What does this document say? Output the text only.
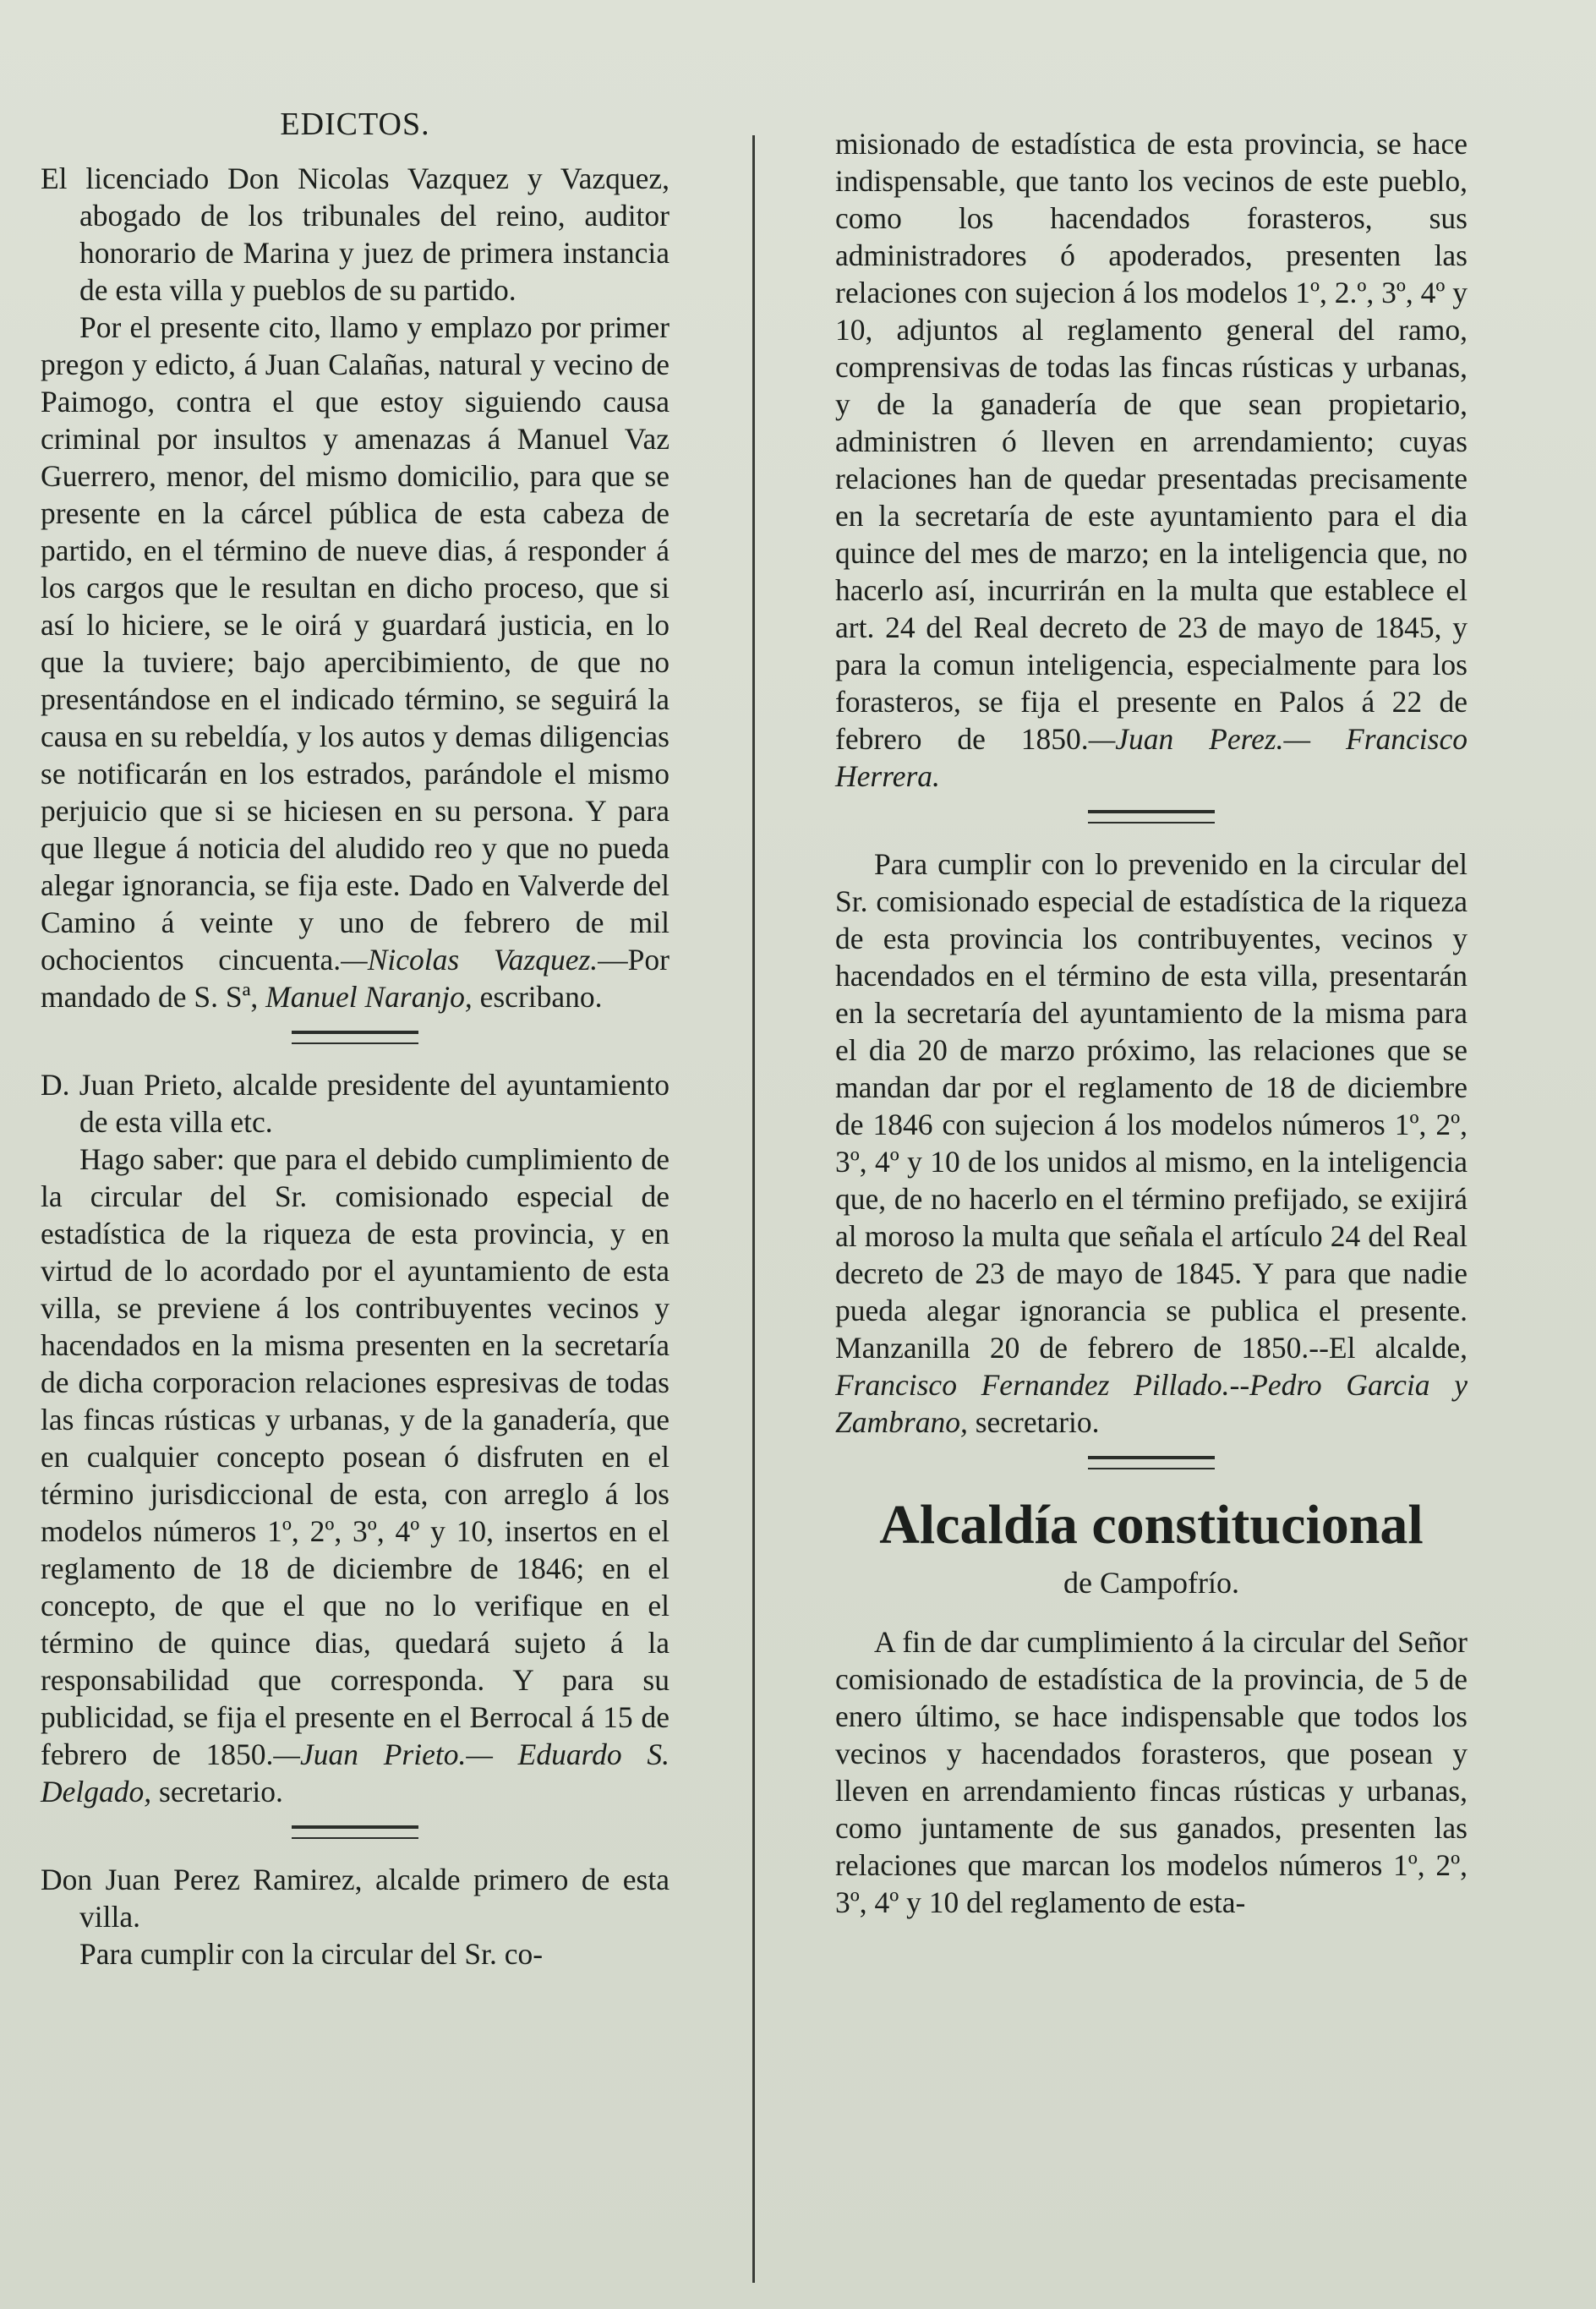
EDICTOS.

El licenciado Don Nicolas Vazquez y Vazquez, abogado de los tribunales del reino, auditor honorario de Marina y juez de primera instancia de esta villa y pueblos de su partido.

Por el presente cito, llamo y emplazo por primer pregon y edicto, á Juan Calañas, natural y vecino de Paimogo, contra el que estoy siguiendo causa criminal por insultos y amenazas á Manuel Vaz Guerrero, menor, del mismo domicilio, para que se presente en la cárcel pública de esta cabeza de partido, en el término de nueve dias, á responder á los cargos que le resultan en dicho proceso, que si así lo hiciere, se le oirá y guardará justicia, en lo que la tuviere; bajo apercibimiento, de que no presentándose en el indicado término, se seguirá la causa en su rebeldía, y los autos y demas diligencias se notificarán en los estrados, parándole el mismo perjuicio que si se hiciesen en su persona. Y para que llegue á noticia del aludido reo y que no pueda alegar ignorancia, se fija este. Dado en Valverde del Camino á veinte y uno de febrero de mil ochocientos cincuenta.—Nicolas Vazquez.—Por mandado de S. Sª, Manuel Naranjo, escribano.

D. Juan Prieto, alcalde presidente del ayuntamiento de esta villa etc.

Hago saber: que para el debido cumplimiento de la circular del Sr. comisionado especial de estadística de la riqueza de esta provincia, y en virtud de lo acordado por el ayuntamiento de esta villa, se previene á los contribuyentes vecinos y hacendados en la misma presenten en la secretaría de dicha corporacion relaciones espresivas de todas las fincas rústicas y urbanas, y de la ganadería, que en cualquier concepto posean ó disfruten en el término jurisdiccional de esta, con arreglo á los modelos números 1º, 2º, 3º, 4º y 10, insertos en el reglamento de 18 de diciembre de 1846; en el concepto, de que el que no lo verifique en el término de quince dias, quedará sujeto á la responsabilidad que corresponda. Y para su publicidad, se fija el presente en el Berrocal á 15 de febrero de 1850.—Juan Prieto.— Eduardo S. Delgado, secretario.

Don Juan Perez Ramirez, alcalde primero de esta villa.

Para cumplir con la circular del Sr. co-

misionado de estadística de esta provincia, se hace indispensable, que tanto los vecinos de este pueblo, como los hacendados forasteros, sus administradores ó apoderados, presenten las relaciones con sujecion á los modelos 1º, 2.º, 3º, 4º y 10, adjuntos al reglamento general del ramo, comprensivas de todas las fincas rústicas y urbanas, y de la ganadería de que sean propietario, administren ó lleven en arrendamiento; cuyas relaciones han de quedar presentadas precisamente en la secretaría de este ayuntamiento para el dia quince del mes de marzo; en la inteligencia que, no hacerlo así, incurrirán en la multa que establece el art. 24 del Real decreto de 23 de mayo de 1845, y para la comun inteligencia, especialmente para los forasteros, se fija el presente en Palos á 22 de febrero de 1850.—Juan Perez.— Francisco Herrera.

Para cumplir con lo prevenido en la circular del Sr. comisionado especial de estadística de la riqueza de esta provincia los contribuyentes, vecinos y hacendados en el término de esta villa, presentarán en la secretaría del ayuntamiento de la misma para el dia 20 de marzo próximo, las relaciones que se mandan dar por el reglamento de 18 de diciembre de 1846 con sujecion á los modelos números 1º, 2º, 3º, 4º y 10 de los unidos al mismo, en la inteligencia que, de no hacerlo en el término prefijado, se exijirá al moroso la multa que señala el artículo 24 del Real decreto de 23 de mayo de 1845. Y para que nadie pueda alegar ignorancia se publica el presente. Manzanilla 20 de febrero de 1850.--El alcalde, Francisco Fernandez Pillado.--Pedro Garcia y Zambrano, secretario.

Alcaldía constitucional
de Campofrío.

A fin de dar cumplimiento á la circular del Señor comisionado de estadística de la provincia, de 5 de enero último, se hace indispensable que todos los vecinos y hacendados forasteros, que posean y lleven en arrendamiento fincas rústicas y urbanas, como juntamente de sus ganados, presenten las relaciones que marcan los modelos números 1º, 2º, 3º, 4º y 10 del reglamento de esta-
